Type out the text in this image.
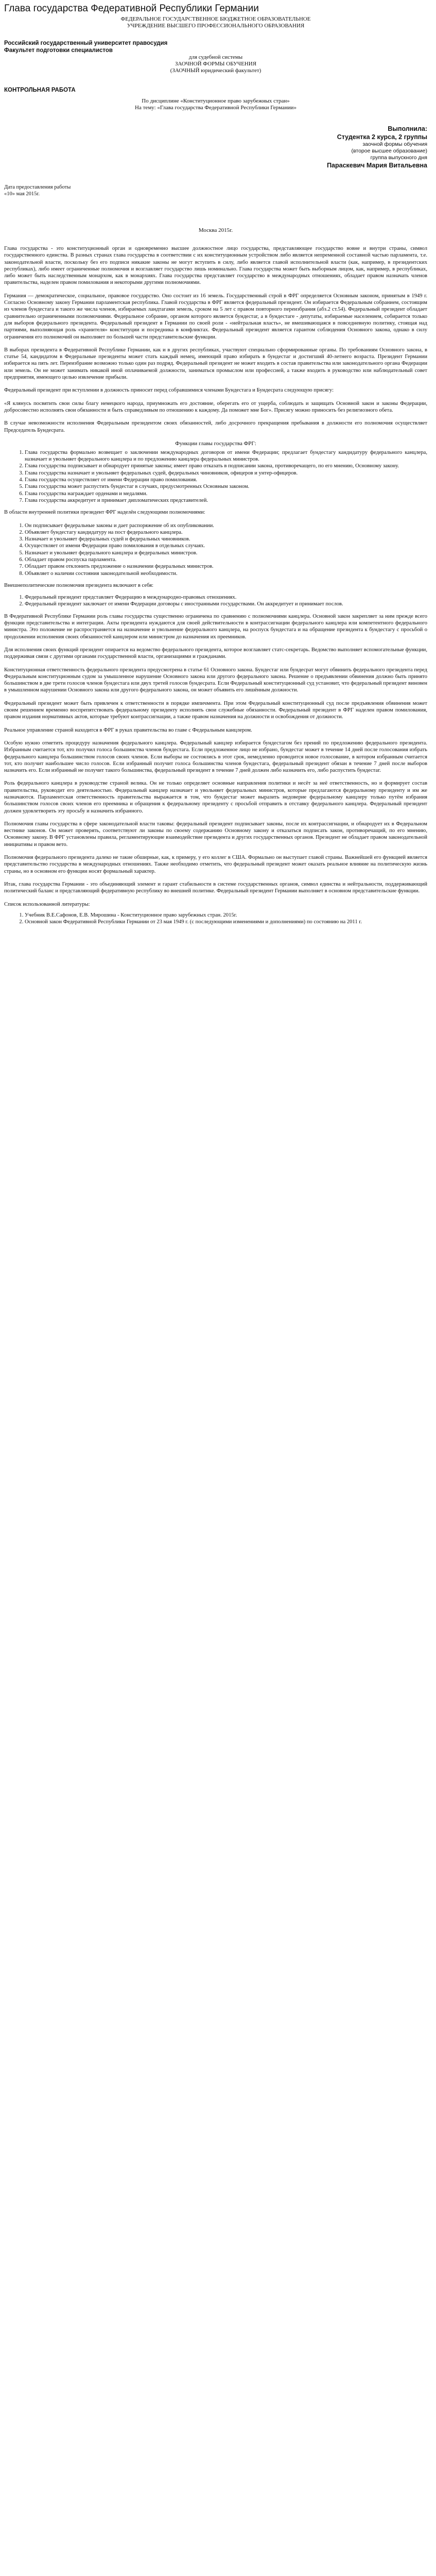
Глава государства Федеративной Республики Германии
ФЕДЕРАЛЬНОЕ ГОСУДАРСТВЕННОЕ БЮДЖЕТНОЕ ОБРАЗОВАТЕЛЬНОЕ
УЧРЕЖДЕНИЕ ВЫСШЕГО ПРОФЕССИОНАЛЬНОГО ОБРАЗОВАНИЯ
Российский государственный университет правосудия
Факультет подготовки специалистов
для судебной системы
ЗАОЧНОЙ ФОРМЫ ОБУЧЕНИЯ
(ЗАОЧНЫЙ юридический факультет)
КОНТРОЛЬНАЯ РАБОТА
По дисциплине «Конституционное право зарубежных стран»
На тему: «Глава государства Федеративной Республики Германии»
Выполнила:
Студентка 2 курса, 2 группы
заочной формы обучения
(второе высшее образование)
группа выпускного дня
Параскевич Мария Витальевна
Дата предоставления работы
«10» мая 2015г.
Москва 2015г.

Глава государства - это конституционный орган и одновременно высшее должностное лицо государства, представляющее государство вовне и внутри страны, символ государственного единства. В разных странах глава государства в соответствии с их конституционным устройством либо является непременной составной частью парламента, т.е. законодательной власти, поскольку без его подписи никакие законы не могут вступить в силу, либо является главой исполнительной власти (как, например, в президентских республиках), либо имеет ограниченные полномочия и возглавляет государство лишь номинально. Глава государства может быть выборным лицом, как, например, в республиках, либо может быть наследственным монархом, как в монархиях. Глава государства представляет государство в международных отношениях, обладает правом назначать членов правительства, наделен правом помилования и некоторыми другими полномочиями.

Германия — демократическое, социальное, правовое государство. Оно состоит из 16 земель. Государственный строй в ФРГ определяется Основным законом, принятым в 1949 г. Согласно Основному закону Германии парламентская республика. Главой государства в ФРГ является федеральный президент. Он избирается Федеральным собранием, состоящим из членов бундестага и такого же числа членов, избираемых ландтагами земель, сроком на 5 лет с правом повторного переизбрания (абз.2 ст.54). Федеральный президент обладает сравнительно ограниченными полномочиями. Федеральное собрание, органом которого является бундестаг, а в бундестаге - депутаты, избираемые населением, собирается только для выборов федерального президента. Федеральный президент в Германии по своей роли - «нейтральная власть», не вмешивающаяся в повседневную политику, стоящая над партиями, выполняющая роль «хранителя» конституции и посредника в конфликтах. Федеральный президент является гарантом соблюдения Основного закона, однако в силу ограничения его полномочий он выполняет по большей части представительские функции.

В выборах президента в Федеративной Республике Германии, как и в других республиках, участвуют специально сформированные органы. По требованиям Основного закона, в статье 54, кандидатом в Федеральные президенты может стать каждый немец, имеющий право избирать в бундестаг и достигший 40-летнего возраста. Президент Германии избирается на пять лет. Переизбрание возможно только один раз подряд. Федеральный президент не может входить в состав правительства или законодательного органа Федерации или земель. Он не может занимать никакой иной оплачиваемой должности, заниматься промыслом или профессией, а также входить в руководство или наблюдательный совет предприятия, имеющего целью извлечение прибыли.

Федеральный президент при вступлении в должность приносит перед собравшимися членами Бундестага и Бундесрата следующую присягу:

«Я клянусь посвятить свои силы благу немецкого народа, приумножать его достояние, оберегать его от ущерба, соблюдать и защищать Основной закон и законы Федерации, добросовестно исполнять свои обязанности и быть справедливым по отношению к каждому. Да поможет мне Бог». Присягу можно приносить без религиозного обета.

В случае невозможности исполнения Федеральным президентом своих обязанностей, либо досрочного прекращения пребывания в должности его полномочия осуществляет Председатель Бундесрата.

Функции главы государства ФРГ:
1. Глава государства формально возвещает о заключении международных договоров от имени Федерации; предлагает бундестагу кандидатуру федерального канцлера, назначает и увольняет федерального канцлера и по предложению канцлера федеральных министров.
2. Глава государства подписывает и обнародует принятые законы; имеет право отказать в подписании закона, противоречащего, по его мнению, Основному закону.
3. Глава государства назначает и увольняет федеральных судей, федеральных чиновников, офицеров и унтер-офицеров.
4. Глава государства осуществляет от имени Федерации право помилования.
5. Глава государства может распустить бундестаг в случаях, предусмотренных Основным законом.
6. Глава государства награждает орденами и медалями.
7. Глава государства аккредитует и принимает дипломатических представителей.

В области внутренней политики президент ФРГ наделён следующими полномочиями:

1. Он подписывает федеральные законы и дает распоряжение об их опубликовании.
2. Объявляет бундестагу кандидатуру на пост федерального канцлера.
3. Назначает и увольняет федеральных судей и федеральных чиновников.
4. Осуществляет от имени Федерации право помилования в отдельных случаях.
5. Назначает и увольняет федерального канцлера и федеральных министров.
6. Обладает правом роспуска парламента.
7. Обладает правом отклонить предложение о назначении федеральных министров.
8. Объявляет о наличии состояния законодательной необходимости.
Внешнеполитические полномочия президента включают в себя:
1. Федеральный президент представляет Федерацию в международно-правовых отношениях.
2. Федеральный президент заключает от имени Федерации договоры с иностранными государствами. Он аккредитует и принимает послов.

В Федеративной Республике Германии роль главы государства существенно ограничена по сравнению с полномочиями канцлера. Основной закон закрепляет за ним прежде всего функции представительства и интеграции. Акты президента нуждаются для своей действительности в контрассигнации федерального канцлера или компетентного федерального министра. Это положение не распространяется на назначение и увольнение федерального канцлера, на роспуск бундестага и на обращение президента к бундестагу с просьбой о продолжении исполнения своих обязанностей канцлером или министром до назначения их преемников.

Для исполнения своих функций президент опирается на ведомство федерального президента, которое возглавляет статс-секретарь. Ведомство выполняет вспомогательные функции, поддерживая связи с другими органами государственной власти, организациями и гражданами.

Конституционная ответственность федерального президента предусмотрена в статье 61 Основного закона. Бундестаг или бундесрат могут обвинить федерального президента перед Федеральным конституционным судом за умышленное нарушение Основного закона или другого федерального закона. Решение о предъявлении обвинения должно быть принято большинством в две трети голосов членов бундестага или двух третей голосов бундесрата. Если Федеральный конституционный суд установит, что федеральный президент виновен в умышленном нарушении Основного закона или другого федерального закона, он может объявить его лишённым должности.

Федеральный президент может быть привлечен к ответственности в порядке импичмента. При этом Федеральный конституционный суд после предъявления обвинения может своим решением временно воспрепятствовать федеральному президенту исполнять свои служебные обязанности. Федеральный президент в ФРГ наделен правом помилования, правом издания нормативных актов, которые требуют контрассигнации, а также правом назначения на должности и освобождения от должности.

Реальное управление страной находится в ФРГ в руках правительства во главе с Федеральным канцлером.

Особую нужно отметить процедуру назначения федерального канцлера. Федеральный канцлер избирается бундестагом без прений по предложению федерального президента. Избранным считается тот, кто получил голоса большинства членов бундестага. Если предложенное лицо не избрано, бундестаг может в течение 14 дней после голосования избрать федерального канцлера большинством голосов своих членов. Если выборы не состоялись в этот срок, немедленно проводится новое голосование, в котором избранным считается тот, кто получит наибольшее число голосов. Если избранный получит голоса большинства членов бундестага, федеральный президент обязан в течение 7 дней после выборов назначить его. Если избранный не получит такого большинства, федеральный президент в течение 7 дней должен либо назначить его, либо распустить бундестаг.

Роль федерального канцлера в руководстве страной велика. Он не только определяет основные направления политики и несёт за неё ответственность, но и формирует состав правительства, руководит его деятельностью. Федеральный канцлер назначает и увольняет федеральных министров, которые предлагаются федеральному президенту и им же назначаются. Парламентская ответственность правительства выражается в том, что бундестаг может выразить недоверие федеральному канцлеру только путём избрания большинством голосов своих членов его преемника и обращения к федеральному президенту с просьбой отправить в отставку федерального канцлера. Федеральный президент должен удовлетворить эту просьбу и назначить избранного.

Полномочия главы государства в сфере законодательной власти таковы: федеральный президент подписывает законы, после их контрассигнации, и обнародует их в Федеральном вестнике законов. Он может проверять, соответствуют ли законы по своему содержанию Основному закону и отказаться подписать закон, противоречащий, по его мнению, Основному закону. В ФРГ установлены правила, регламентирующие взаимодействие президента и других государственных органов. Президент не обладает правом законодательной инициативы и правом вето.

Полномочия федерального президента далеко не такие обширные, как, к примеру, у его коллег в США. Формально он выступает главой страны. Важнейшей его функцией является представительство государства в международных отношениях. Также необходимо отметить, что федеральный президент может оказать реальное влияние на политическую жизнь страны, но в основном его функции носят формальный характер.

Итак, глава государства Германии - это объединяющий элемент и гарант стабильности в системе государственных органов, символ единства и нейтральности, поддерживающий политический баланс и представляющий федеративную республику во внешней политике. Федеральный президент Германии выполняет в основном представительские функции.

Список использованной литературы:
1. Учебник В.Е.Сафонов, Е.В. Мирошина - Конституционное право зарубежных стран. 2015г.
2. Основной закон Федеративной Республики Германии от 23 мая 1949 г. (с последующими изменениями и дополнениями) по состоянию на 2011 г.
